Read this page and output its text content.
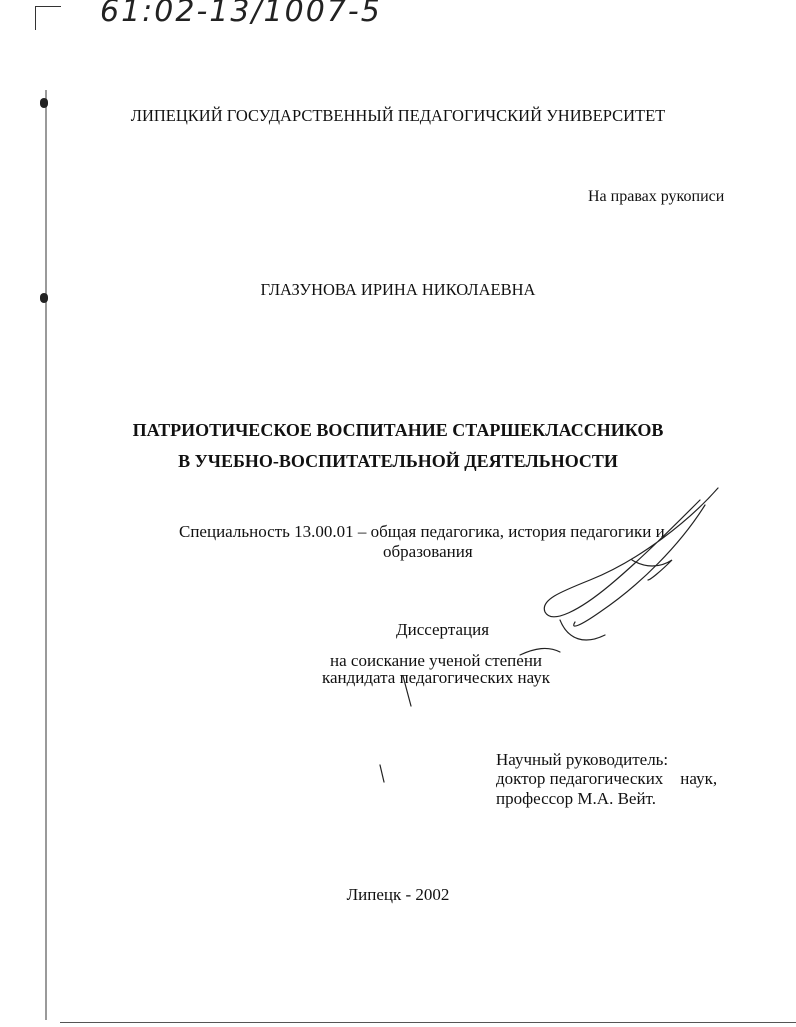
61:02-13/1007-5
ЛИПЕЦКИЙ ГОСУДАРСТВЕННЫЙ ПЕДАГОГИЧСКИЙ УНИВЕРСИТЕТ
На правах рукописи
ГЛАЗУНОВА ИРИНА НИКОЛАЕВНА
ПАТРИОТИЧЕСКОЕ ВОСПИТАНИЕ СТАРШЕКЛАССНИКОВ
В УЧЕБНО-ВОСПИТАТЕЛЬНОЙ ДЕЯТЕЛЬНОСТИ
Специальность 13.00.01 – общая педагогика, история педагогики и
образования
Диссертация
на соискание ученой степени
кандидата педагогических наук
Научный руководитель:
доктор педагогических    наук,
профессор М.А. Вейт.
Липецк - 2002
